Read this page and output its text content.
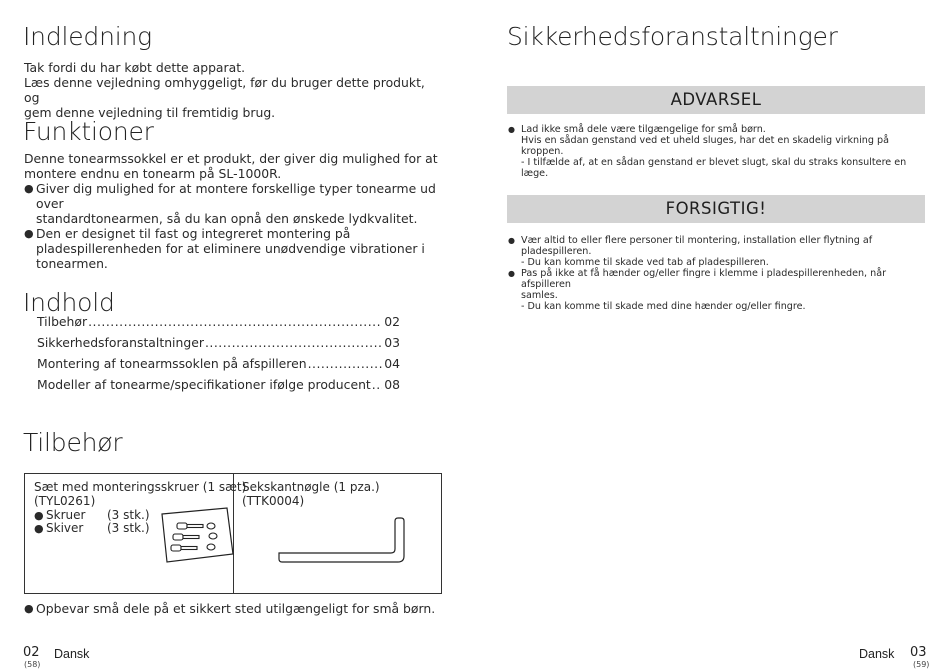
Indledning
Tak fordi du har købt dette apparat.
Læs denne vejledning omhyggeligt, før du bruger dette produkt, og
gem denne vejledning til fremtidig brug.
Funktioner
Denne tonearmssokkel er et produkt, der giver dig mulighed for at
montere endnu en tonearm på SL-1000R.
● Giver dig mulighed for at montere forskellige typer tonearme ud over
standardtonearmen, så du kan opnå den ønskede lydkvalitet.
● Den er designet til fast og integreret montering på
pladespillerenheden for at eliminere unødvendige vibrationer i
tonearmen.
Indhold
Tilbehør .....	02
Sikkerhedsforanstaltninger .....	03
Montering af tonearmssoklen på afspilleren .....	04
Modeller af tonearme/specifikationer ifølge producent ..... 08
Tilbehør
Sæt med monteringsskruer (1 sæt)
(TYL0261)
● Skruer	(3 stk.)
● Skiver	(3 stk.)
Sekskantnøgle (1 pza.)
(TTK0004)
● Opbevar små dele på et sikkert sted utilgængeligt for små børn.
02 Dansk
(58)
Sikkerhedsforanstaltninger
ADVARSEL
● Lad ikke små dele være tilgængelige for små børn.
Hvis en sådan genstand ved et uheld sluges, har det en skadelig virkning på kroppen.
- I tilfælde af, at en sådan genstand er blevet slugt, skal du straks konsultere en læge.
FORSIGTIG!
● Vær altid to eller flere personer til montering, installation eller flytning af pladespilleren.
- Du kan komme til skade ved tab af pladespilleren.
● Pas på ikke at få hænder og/eller fingre i klemme i pladespillerenheden, når afspilleren
samles.
- Du kan komme til skade med dine hænder og/eller fingre.
Dansk 03
(59)
